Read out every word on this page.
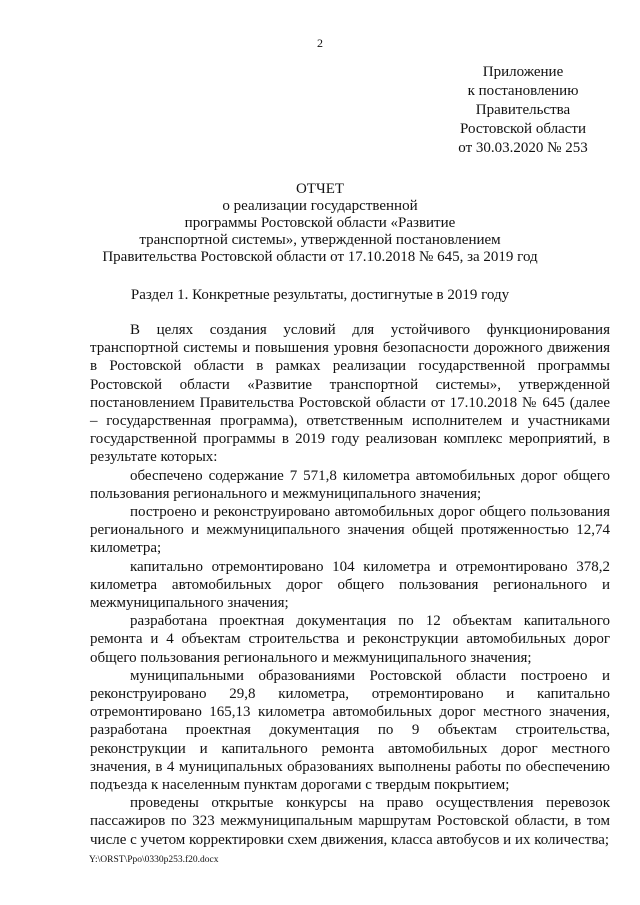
2
Приложение
к постановлению
Правительства
Ростовской области
от 30.03.2020 № 253
ОТЧЕТ
о реализации государственной
программы Ростовской области «Развитие
транспортной системы», утвержденной постановлением
Правительства Ростовской области от 17.10.2018 № 645, за 2019 год
Раздел 1. Конкретные результаты, достигнутые в 2019 году

В целях создания условий для устойчивого функционирования транспортной системы и повышения уровня безопасности дорожного движения в Ростовской области в рамках реализации государственной программы Ростовской области «Развитие транспортной системы», утвержденной постановлением Правительства Ростовской области от 17.10.2018 № 645 (далее – государственная программа), ответственным исполнителем и участниками государственной программы в 2019 году реализован комплекс мероприятий, в результате которых:

обеспечено содержание 7 571,8 километра автомобильных дорог общего пользования регионального и межмуниципального значения;

построено и реконструировано автомобильных дорог общего пользования регионального и межмуниципального значения общей протяженностью 12,74 километра;

капитально отремонтировано 104 километра и отремонтировано 378,2 километра автомобильных дорог общего пользования регионального и межмуниципального значения;

разработана проектная документация по 12 объектам капитального ремонта и 4 объектам строительства и реконструкции автомобильных дорог общего пользования регионального и межмуниципального значения;

муниципальными образованиями Ростовской области построено и реконструировано 29,8 километра, отремонтировано и капитально отремонтировано 165,13 километра автомобильных дорог местного значения, разработана проектная документация по 9 объектам строительства, реконструкции и капитального ремонта автомобильных дорог местного значения, в 4 муниципальных образованиях выполнены работы по обеспечению подъезда к населенным пунктам дорогами с твердым покрытием;

проведены открытые конкурсы на право осуществления перевозок пассажиров по 323 межмуниципальным маршрутам Ростовской области, в том числе с учетом корректировки схем движения, класса автобусов и их количества;

Y:\ORST\Ppo\0330p253.f20.docx
